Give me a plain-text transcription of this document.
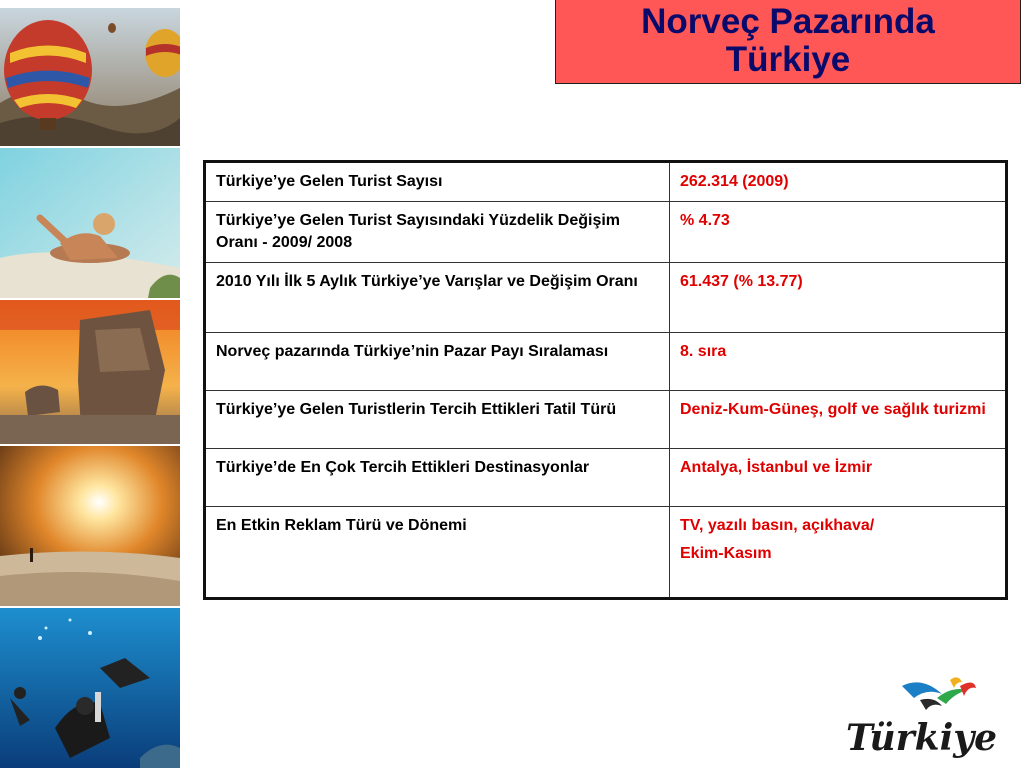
Norveç Pazarında
Türkiye
Türkiye’ye Gelen Turist Sayısı	262.314 (2009)

Türkiye’ye Gelen Turist Sayısındaki Yüzdelik Değişim Oranı - 2009/ 2008	% 4.73

2010 Yılı İlk 5 Aylık Türkiye’ye Varışlar ve Değişim Oranı	61.437 (% 13.77)

Norveç pazarında Türkiye’nin Pazar Payı Sıralaması	8. sıra

Türkiye’ye Gelen Turistlerin Tercih Ettikleri Tatil Türü	Deniz-Kum-Güneş, golf ve sağlık turizmi

Türkiye’de En Çok Tercih Ettikleri Destinasyonlar	Antalya, İstanbul ve İzmir

En Etkin Reklam Türü ve Dönemi	TV, yazılı basın, açıkhava/
Ekim-Kasım
Türkiye
